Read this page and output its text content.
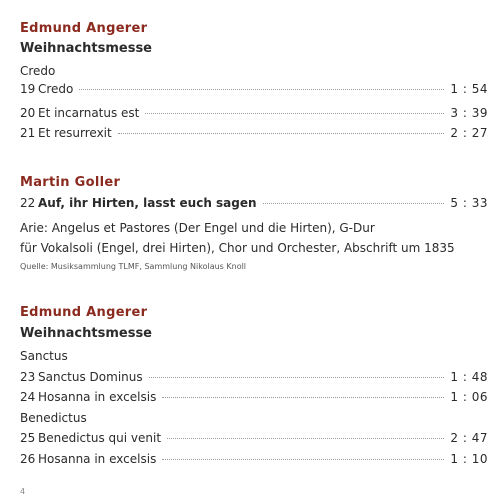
Edmund Angerer
Weihnachtsmesse
Credo
19 Credo	1 : 54
20 Et incarnatus est	3 : 39
21 Et resurrexit	2 : 27
Martin Goller
22 Auf, ihr Hirten, lasst euch sagen	5 : 33
Arie: Angelus et Pastores (Der Engel und die Hirten), G-Dur
für Vokalsoli (Engel, drei Hirten), Chor und Orchester, Abschrift um 1835
Quelle: Musiksammlung TLMF, Sammlung Nikolaus Knoll
Edmund Angerer
Weihnachtsmesse
Sanctus
23 Sanctus Dominus	1 : 48
24 Hosanna in excelsis	1 : 06
Benedictus
25 Benedictus qui venit	2 : 47
26 Hosanna in excelsis	1 : 10
4
